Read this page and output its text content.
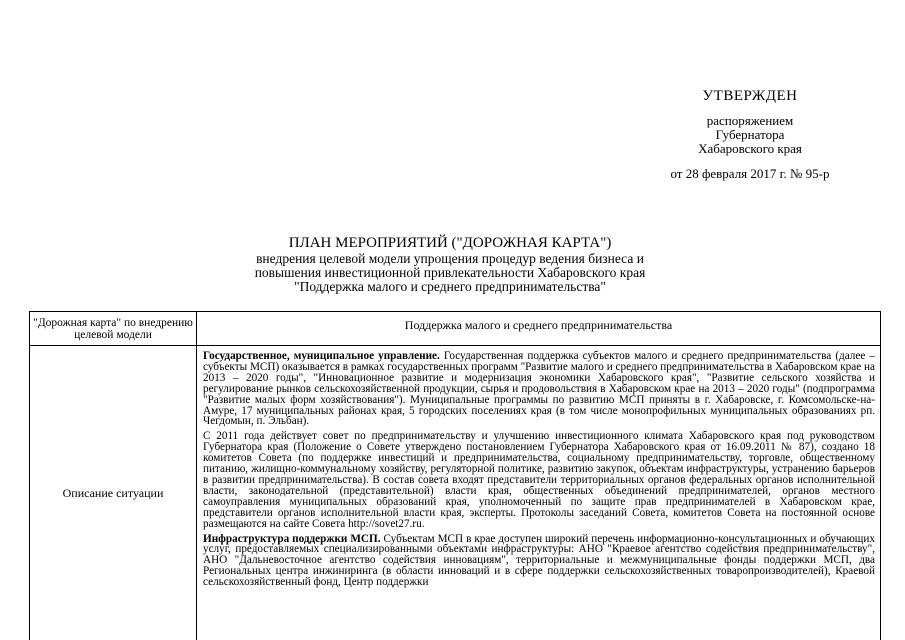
УТВЕРЖДЕН
распоряжением
Губернатора
Хабаровского края
от 28 февраля 2017 г. № 95-р
ПЛАН МЕРОПРИЯТИЙ ("ДОРОЖНАЯ КАРТА")
внедрения целевой модели упрощения процедур ведения бизнеса и
повышения инвестиционной привлекательности Хабаровского края
"Поддержка малого и среднего предпринимательства"
"Дорожная карта" по внедрению целевой модели
Поддержка малого и среднего предпринимательства
Описание ситуации

Государственное, муниципальное управление. Государственная поддержка субъектов малого и среднего предпринимательства (далее – субъекты МСП) оказывается в рамках государственных программ "Развитие малого и среднего предпринимательства в Хабаровском крае на 2013 – 2020 годы", "Инновационное развитие и модернизация экономики Хабаровского края", "Развитие сельского хозяйства и регулирование рынков сельскохозяйственной продукции, сырья и продовольствия в Хабаровском крае на 2013 – 2020 годы" (подпрограмма "Развитие малых форм хозяйствования"). Муниципальные программы по развитию МСП приняты в г. Хабаровске, г. Комсомольске-на-Амуре, 17 муниципальных районах края, 5 городских поселениях края (в том числе монопрофильных муниципальных образованиях рп. Чегдомын, п. Эльбан).

С 2011 года действует совет по предпринимательству и улучшению инвестиционного климата Хабаровского края под руководством Губернатора края (Положение о Совете утверждено постановлением Губернатора Хабаровского края от 16.09.2011 № 87), создано 18 комитетов Совета (по поддержке инвестиций и предпринимательства, социальному предпринимательству, торговле, общественному питанию, жилищно-коммунальному хозяйству, регуляторной политике, развитию закупок, объектам инфраструктуры, устранению барьеров в развитии предпринимательства). В состав совета входят представители территориальных органов федеральных органов исполнительной власти, законодательной (представительной) власти края, общественных объединений предпринимателей, органов местного самоуправления муниципальных образований края, уполномоченный по защите прав предпринимателей в Хабаровском крае, представители органов исполнительной власти края, эксперты. Протоколы заседаний Совета, комитетов Совета на постоянной основе размещаются на сайте Совета http://sovet27.ru.

Инфраструктура поддержки МСП. Субъектам МСП в крае доступен широкий перечень информационно-консультационных и обучающих услуг, предоставляемых специализированными объектами инфраструктуры: АНО "Краевое агентство содействия предпринимательству", АНО "Дальневосточное агентство содействия инновациям", территориальные и межмуниципальные фонды поддержки МСП, два Региональных центра инжиниринга (в области инноваций и в сфере поддержки сельскохозяйственных товаропроизводителей), Краевой сельскохозяйственный фонд, Центр поддержки
